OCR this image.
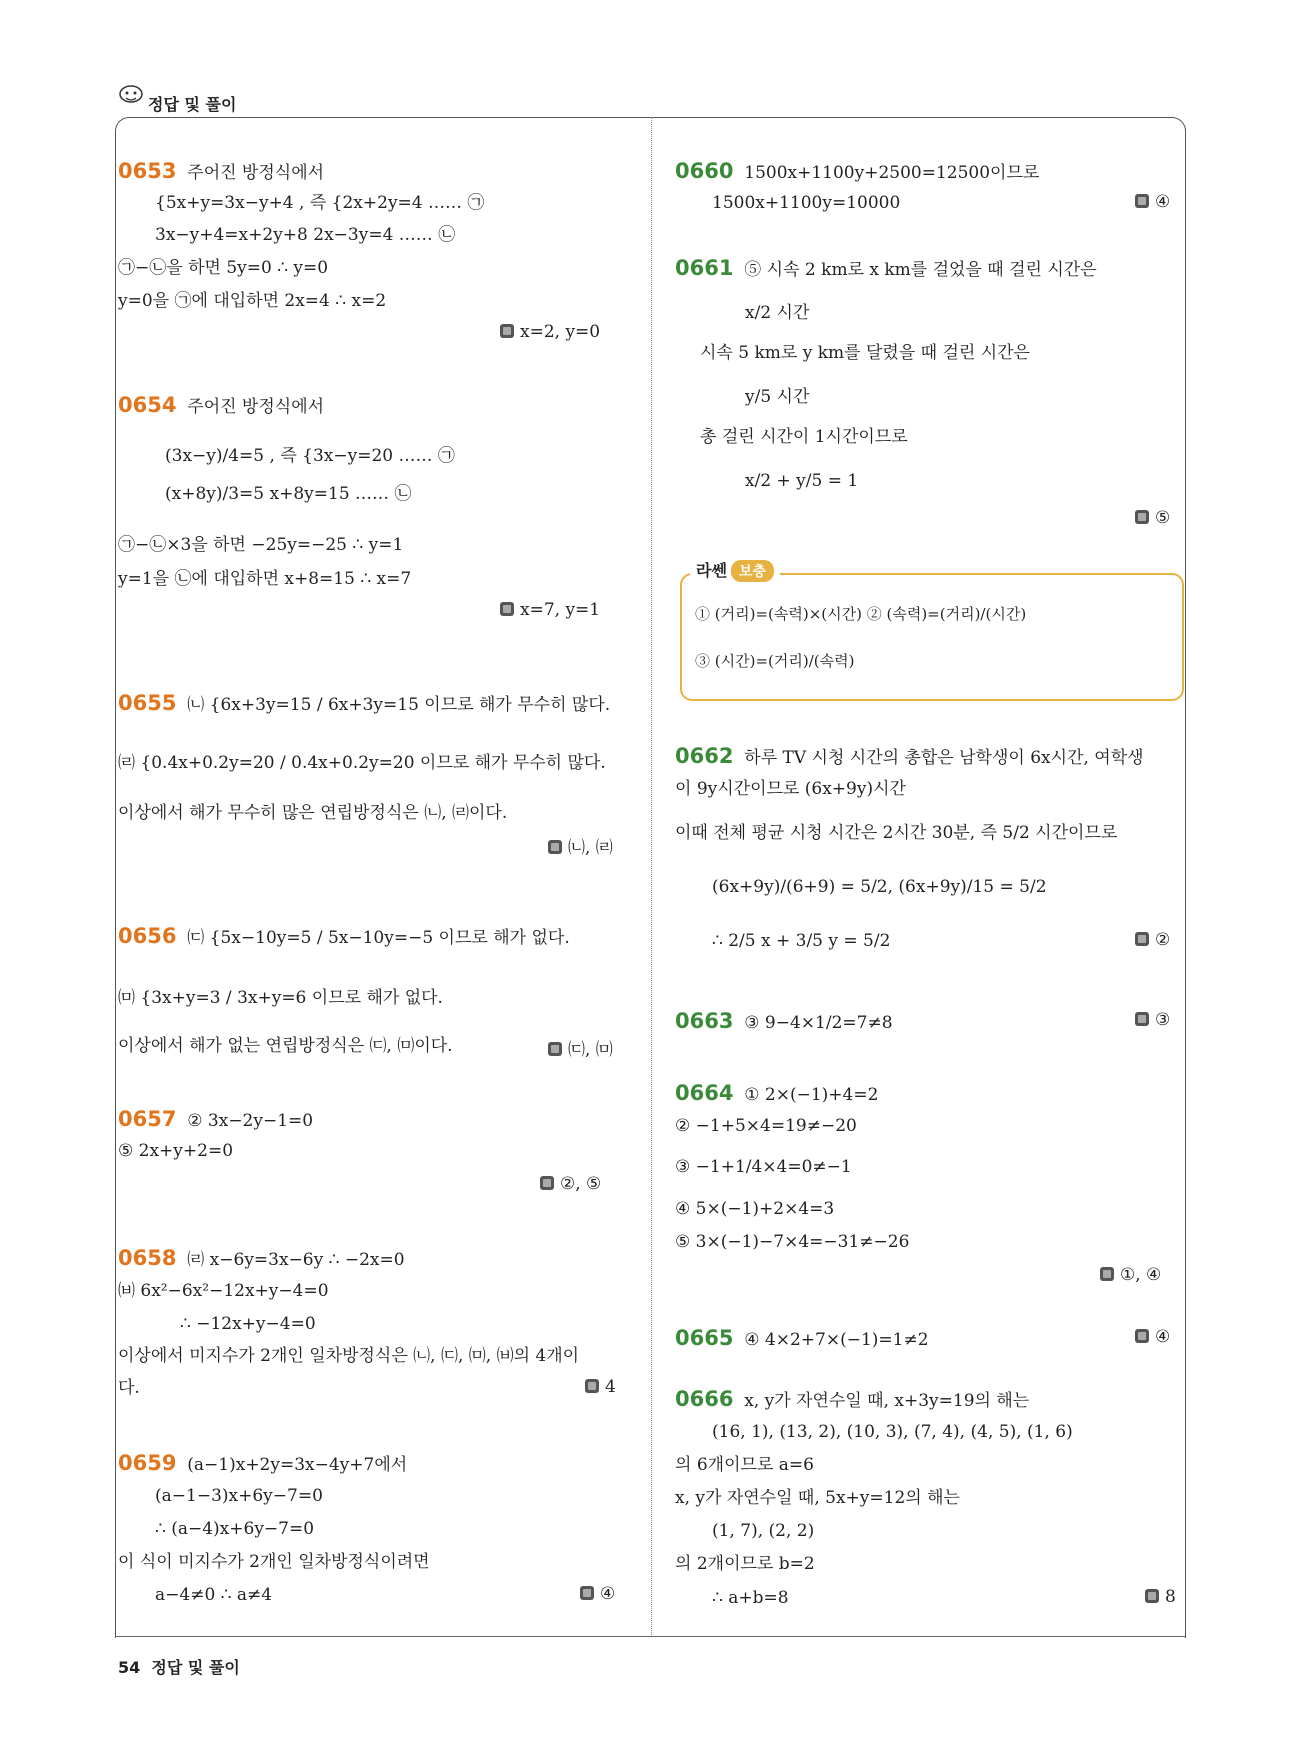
정답 및 풀이
0653 주어진 방정식에서
{5x+y=3x−y+4 , 즉 {2x+2y=4 …… ㉠
3x−y+4=x+2y+8 2x−3y=4 …… ㉡
㉠−㉡을 하면 5y=0 ∴ y=0
y=0을 ㉠에 대입하면 2x=4 ∴ x=2
x=2, y=0
0654 주어진 방정식에서
(3x−y)/4=5 , 즉 {3x−y=20 …… ㉠
(x+8y)/3=5 x+8y=15 …… ㉡
㉠−㉡×3을 하면 −25y=−25 ∴ y=1
y=1을 ㉡에 대입하면 x+8=15 ∴ x=7
x=7, y=1
0655 ㈁ {6x+3y=15 / 6x+3y=15 이므로 해가 무수히 많다.
㈃ {0.4x+0.2y=20 / 0.4x+0.2y=20 이므로 해가 무수히 많다.
이상에서 해가 무수히 많은 연립방정식은 ㈁, ㈃이다.
㈁, ㈃
0656 ㈂ {5x−10y=5 / 5x−10y=−5 이므로 해가 없다.
㈄ {3x+y=3 / 3x+y=6 이므로 해가 없다.
이상에서 해가 없는 연립방정식은 ㈂, ㈄이다.	㈂, ㈄
0657 ② 3x−2y−1=0
⑤ 2x+y+2=0
②, ⑤
0658 ㈃ x−6y=3x−6y ∴ −2x=0
㈅ 6x²−6x²−12x+y−4=0
∴ −12x+y−4=0
이상에서 미지수가 2개인 일차방정식은 ㈁, ㈂, ㈄, ㈅의 4개이
다.	4
0659 (a−1)x+2y=3x−4y+7에서
(a−1−3)x+6y−7=0
∴ (a−4)x+6y−7=0
이 식이 미지수가 2개인 일차방정식이려면
a−4≠0 ∴ a≠4	④
0660 1500x+1100y+2500=12500이므로
1500x+1100y=10000	④
0661 ⑤ 시속 2 km로 x km를 걸었을 때 걸린 시간은
x/2 시간
시속 5 km로 y km를 달렸을 때 걸린 시간은
y/5 시간
총 걸린 시간이 1시간이므로
x/2 + y/5 = 1
⑤
라쎈 보충
① (거리)=(속력)×(시간) ② (속력)=(거리)/(시간)
③ (시간)=(거리)/(속력)
0662 하루 TV 시청 시간의 총합은 남학생이 6x시간, 여학생
이 9y시간이므로 (6x+9y)시간
이때 전체 평균 시청 시간은 2시간 30분, 즉 5/2 시간이므로
(6x+9y)/(6+9) = 5/2, (6x+9y)/15 = 5/2
∴ 2/5 x + 3/5 y = 5/2	②
0663 ③ 9−4×1/2=7≠8	③
0664 ① 2×(−1)+4=2
② −1+5×4=19≠−20
③ −1+1/4×4=0≠−1
④ 5×(−1)+2×4=3
⑤ 3×(−1)−7×4=−31≠−26
①, ④
0665 ④ 4×2+7×(−1)=1≠2	④
0666 x, y가 자연수일 때, x+3y=19의 해는
(16, 1), (13, 2), (10, 3), (7, 4), (4, 5), (1, 6)
의 6개이므로 a=6
x, y가 자연수일 때, 5x+y=12의 해는
(1, 7), (2, 2)
의 2개이므로 b=2
∴ a+b=8	8
54 정답 및 풀이
